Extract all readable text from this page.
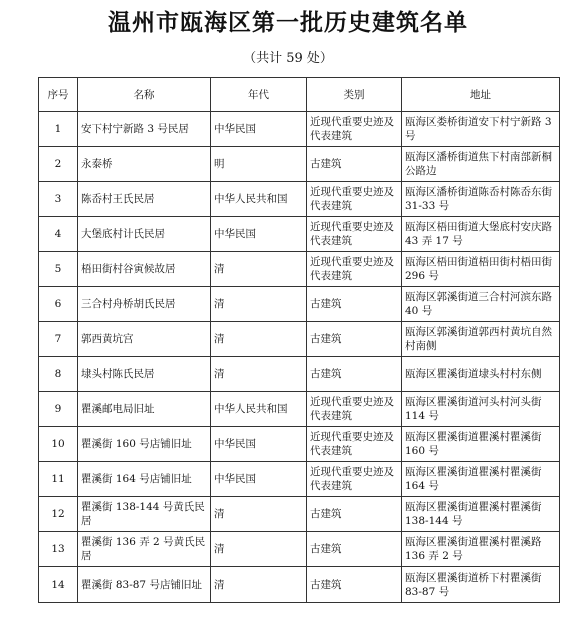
温州市瓯海区第一批历史建筑名单
（共计 59 处）
序号	名称	年代	类别	地址
1	安下村宁新路 3 号民居	中华民国	近现代重要史迹及代表建筑	瓯海区娄桥街道安下村宁新路 3 号
2	永泰桥	明	古建筑	瓯海区潘桥街道焦下村南部新桐公路边
3	陈岙村王氏民居	中华人民共和国	近现代重要史迹及代表建筑	瓯海区潘桥街道陈岙村陈岙东街 31-33 号
4	大堡底村计氏民居	中华民国	近现代重要史迹及代表建筑	瓯海区梧田街道大堡底村安庆路 43 弄 17 号
5	梧田街村谷寅候故居	清	近现代重要史迹及代表建筑	瓯海区梧田街道梧田街村梧田街 296 号
6	三合村舟桥胡氏民居	清	古建筑	瓯海区郭溪街道三合村河滨东路 40 号
7	郭西黄坑宫	清	古建筑	瓯海区郭溪街道郭西村黄坑自然村南侧
8	埭头村陈氏民居	清	古建筑	瓯海区瞿溪街道埭头村村东侧
9	瞿溪邮电局旧址	中华人民共和国	近现代重要史迹及代表建筑	瓯海区瞿溪街道河头村河头街 114 号
10	瞿溪街 160 号店铺旧址	中华民国	近现代重要史迹及代表建筑	瓯海区瞿溪街道瞿溪村瞿溪街 160 号
11	瞿溪街 164 号店铺旧址	中华民国	近现代重要史迹及代表建筑	瓯海区瞿溪街道瞿溪村瞿溪街 164 号
12	瞿溪街 138-144 号黄氏民居	清	古建筑	瓯海区瞿溪街道瞿溪村瞿溪街 138-144 号
13	瞿溪街 136 弄 2 号黄氏民居	清	古建筑	瓯海区瞿溪街道瞿溪村瞿溪路 136 弄 2 号
14	瞿溪街 83-87 号店铺旧址	清	古建筑	瓯海区瞿溪街道桥下村瞿溪街 83-87 号
